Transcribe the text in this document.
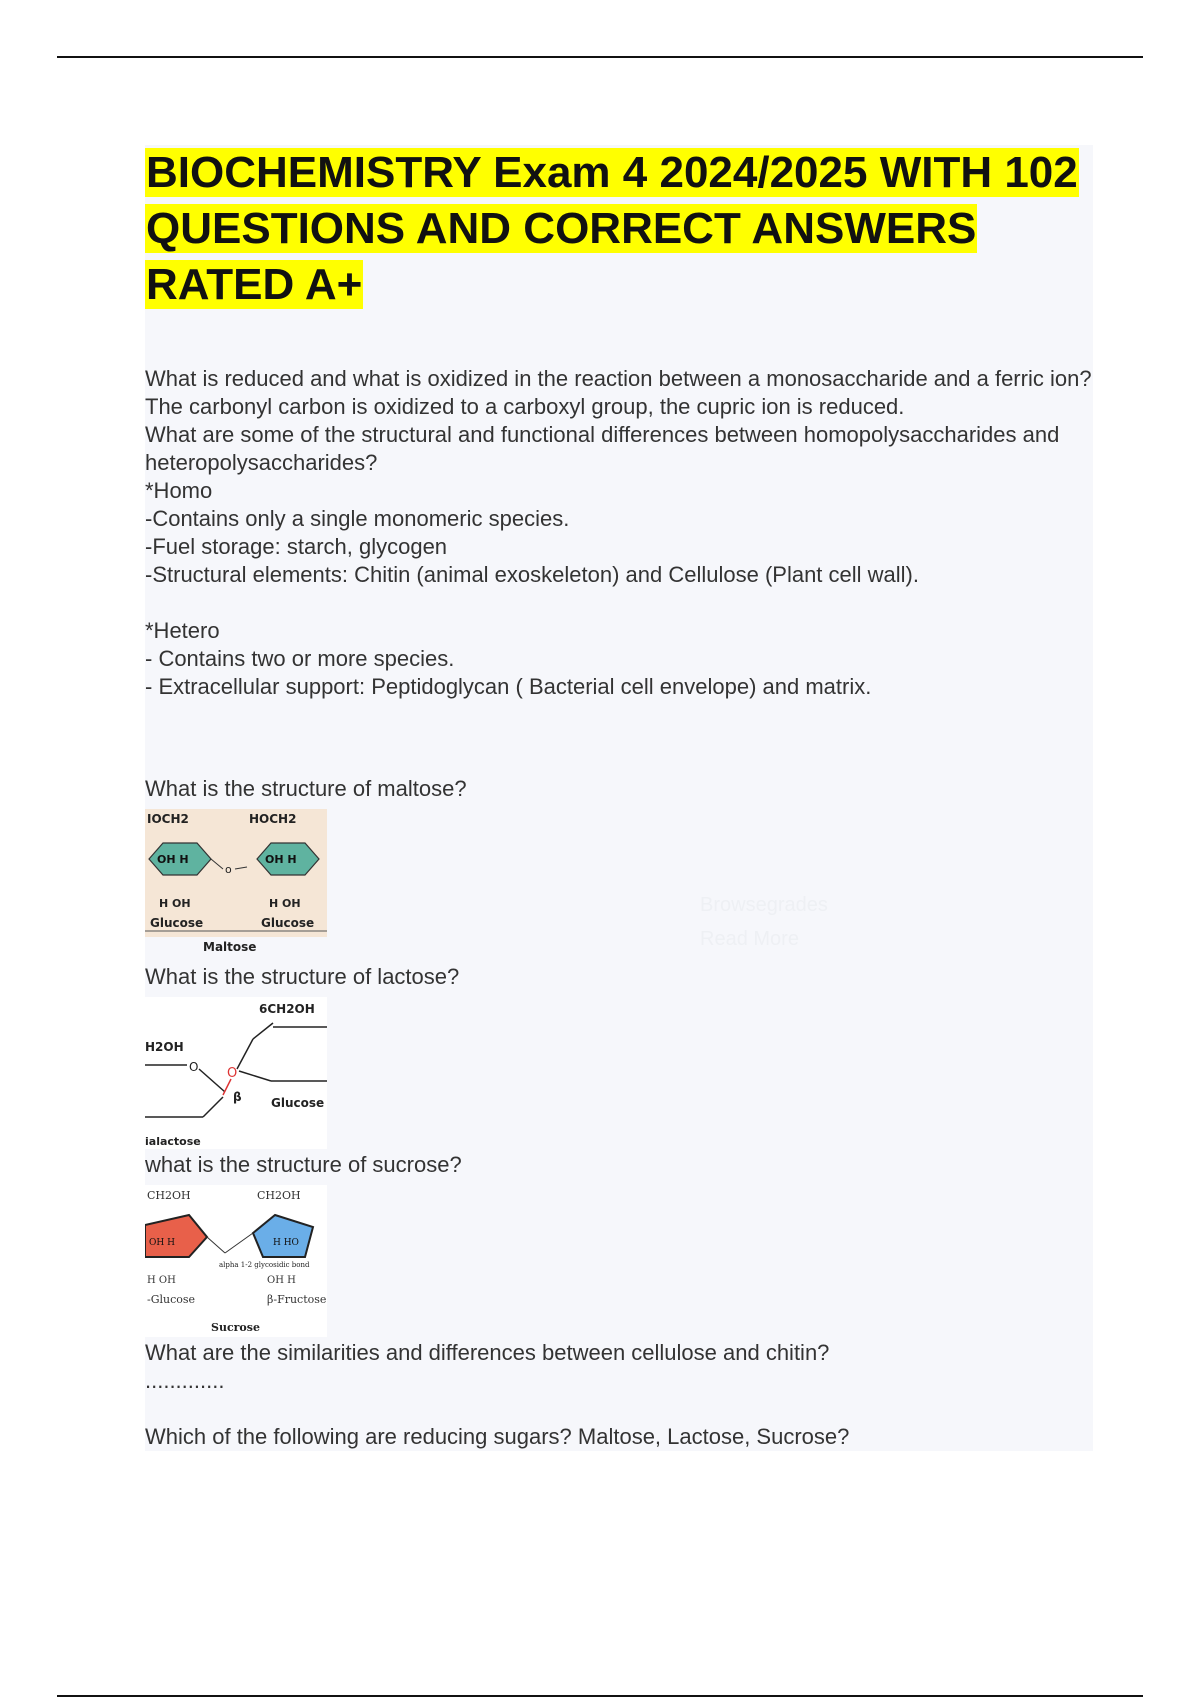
BIOCHEMISTRY Exam 4 2024/2025 WITH 102 QUESTIONS AND CORRECT ANSWERS RATED A+

What is reduced and what is oxidized in the reaction between a monosaccharide and a ferric ion?

The carbonyl carbon is oxidized to a carboxyl group, the cupric ion is reduced.

What are some of the structural and functional differences between homopolysaccharides and heteropolysaccharides?

*Homo

-Contains only a single monomeric species.

-Fuel storage: starch, glycogen

-Structural elements: Chitin (animal exoskeleton) and Cellulose (Plant cell wall).

*Hetero

- Contains two or more species.

- Extracellular support: Peptidoglycan ( Bacterial cell envelope) and matrix.

What is the structure of maltose?

IOCH2	HOCH2
OH H	OH H
o
H OH	H OH
Glucose	Glucose
Maltose

What is the structure of lactose?

6CH2OH
H2OH
O O
β Glucose
ialactose

what is the structure of sucrose?

CH2OH	CH2OH
OH H	H HO
alpha 1-2 glycosidic bond
H OH	OH H
-Glucose	β-Fructose
Sucrose

What are the similarities and differences between cellulose and chitin?

.............

Which of the following are reducing sugars? Maltose, Lactose, Sucrose?

Browsegrades
Read More
